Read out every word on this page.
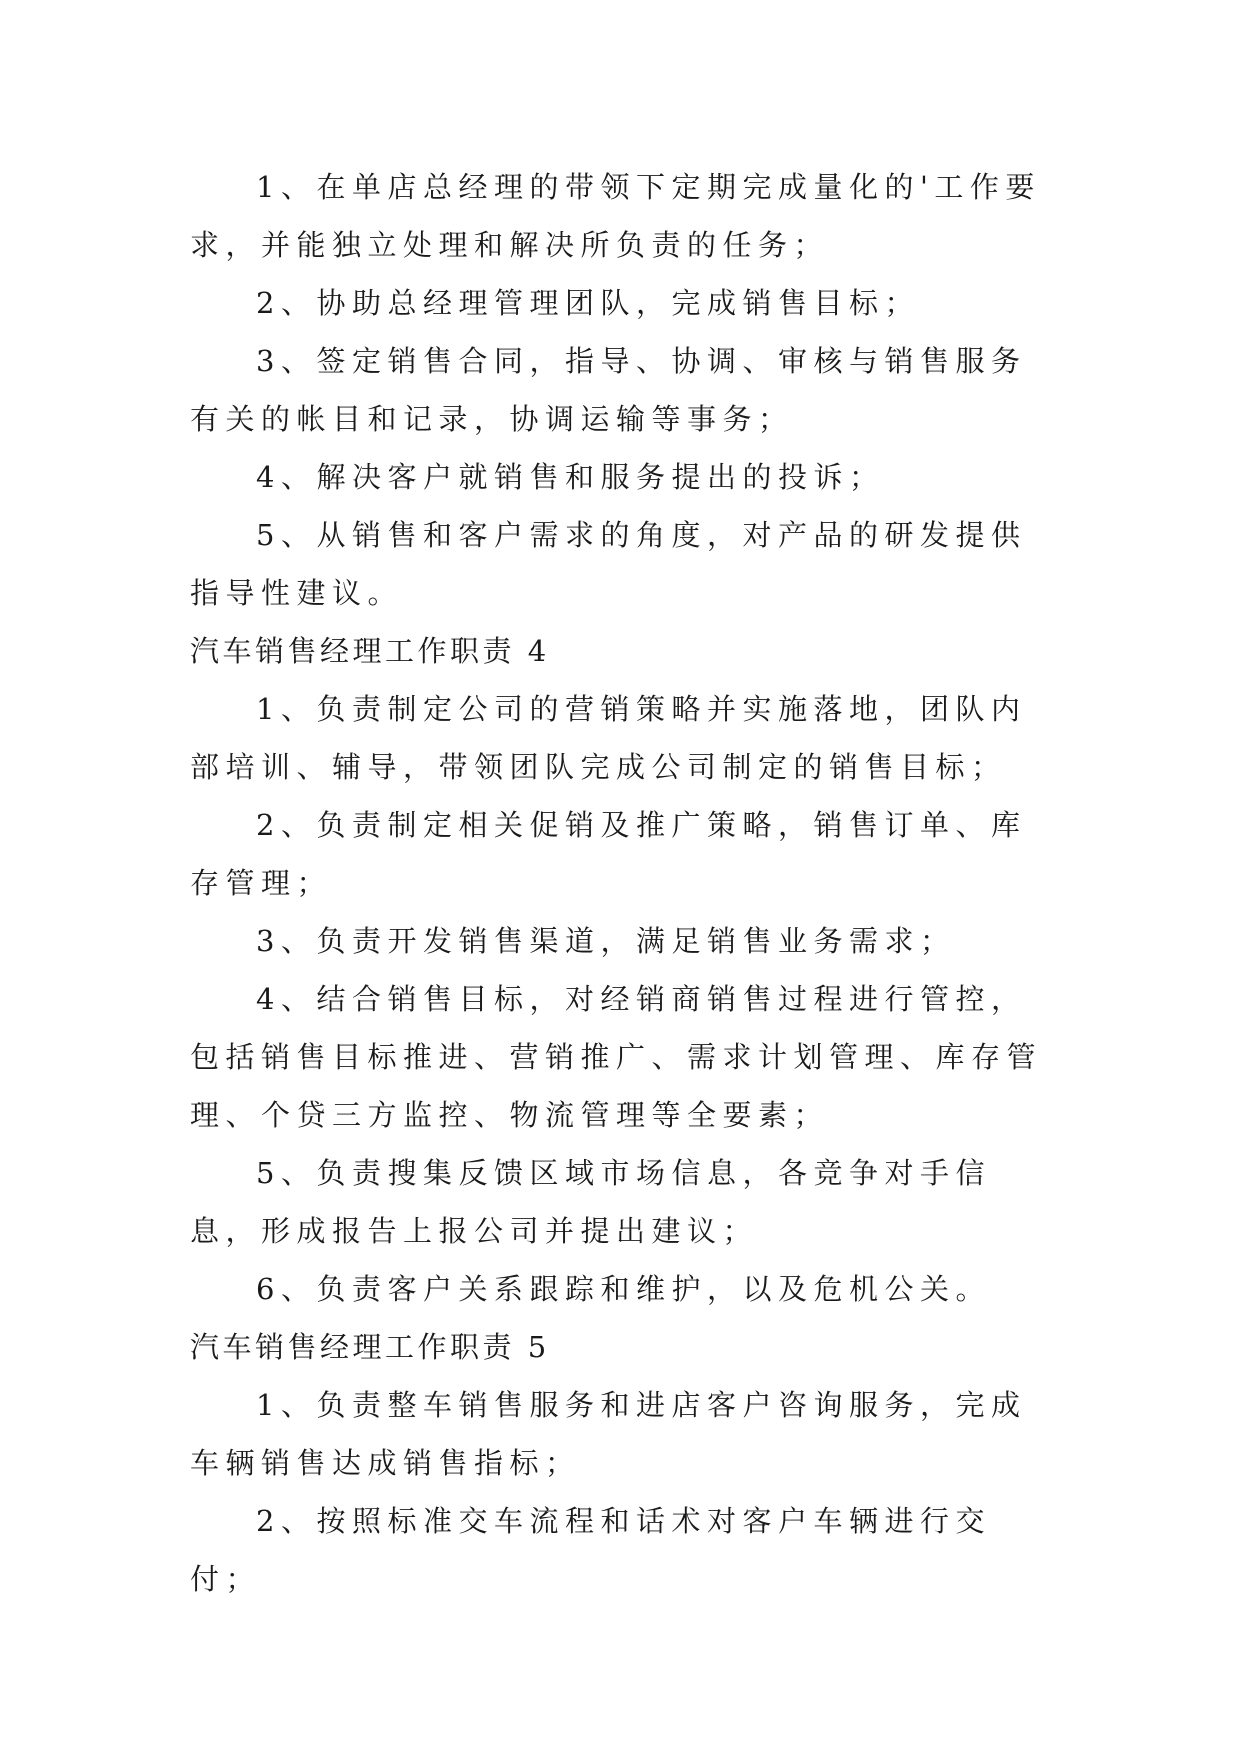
1、在单店总经理的带领下定期完成量化的'工作要求，并能独立处理和解决所负责的任务；

2、协助总经理管理团队，完成销售目标；

3、签定销售合同，指导、协调、审核与销售服务有关的帐目和记录，协调运输等事务；

4、解决客户就销售和服务提出的投诉；

5、从销售和客户需求的角度，对产品的研发提供指导性建议。

汽车销售经理工作职责 4

1、负责制定公司的营销策略并实施落地，团队内部培训、辅导，带领团队完成公司制定的销售目标；

2、负责制定相关促销及推广策略，销售订单、库存管理；

3、负责开发销售渠道，满足销售业务需求；

4、结合销售目标，对经销商销售过程进行管控，包括销售目标推进、营销推广、需求计划管理、库存管理、个贷三方监控、物流管理等全要素；

5、负责搜集反馈区域市场信息，各竞争对手信息，形成报告上报公司并提出建议；

6、负责客户关系跟踪和维护，以及危机公关。

汽车销售经理工作职责 5

1、负责整车销售服务和进店客户咨询服务，完成车辆销售达成销售指标；

2、按照标准交车流程和话术对客户车辆进行交付；
